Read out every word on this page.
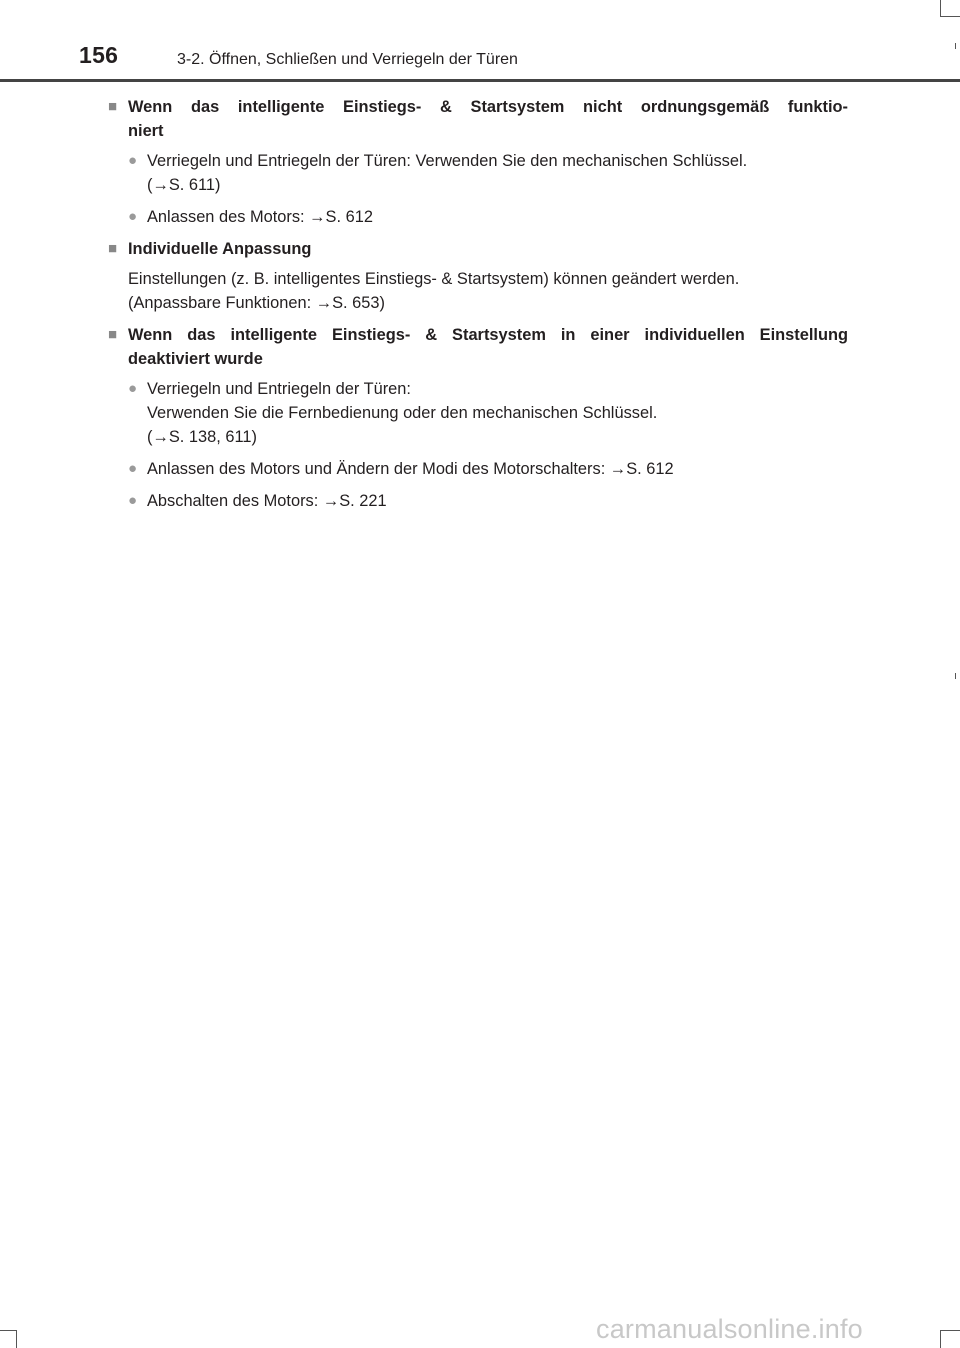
156	3-2. Öffnen, Schließen und Verriegeln der Türen
■ Wenn das intelligente Einstiegs- & Startsystem nicht ordnungsgemäß funktio-
niert
● Verriegeln und Entriegeln der Türen: Verwenden Sie den mechanischen Schlüssel.
(→S. 611)
● Anlassen des Motors: →S. 612
■ Individuelle Anpassung
Einstellungen (z. B. intelligentes Einstiegs- & Startsystem) können geändert werden.
(Anpassbare Funktionen: →S. 653)
■ Wenn das intelligente Einstiegs- & Startsystem in einer individuellen Einstellung
deaktiviert wurde
● Verriegeln und Entriegeln der Türen:
Verwenden Sie die Fernbedienung oder den mechanischen Schlüssel.
(→S. 138, 611)
● Anlassen des Motors und Ändern der Modi des Motorschalters: →S. 612
● Abschalten des Motors: →S. 221
carmanualsonline.info
